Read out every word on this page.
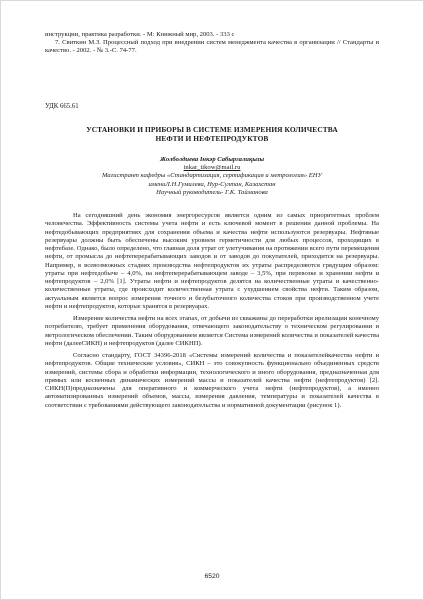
инструкции, практика разработки. - М: Книжный мир, 2003. - 333 с

7. Свиткин М.З. Процессный подход при внедрении систем менеджмента качества в организации // Стандарты и качество. - 2002. - № 3.-С. 74-77.

УДК 665.61
УСТАНОВКИ И ПРИБОРЫ В СИСТЕМЕ ИЗМЕРЕНИЯ КОЛИЧЕСТВА
НЕФТИ И НЕФТЕПРОДУКТОВ
Жолболдиева Інкәр Сабыргалиқызы
inkar_tikow@mail.ru
Магистрант кафедры «Стандартизация, сертификация и метрология» ЕНУ
имениЛ.Н.Гумилева, Нур-Султан, Казахстан
Научный руководитель- Г.К. Тайманова

На сегодняшний день экономия энергоресурсов является одним из самых приоритетных проблем человечества. Эффективность системы учета нефти и есть ключевой момент в решении данной проблемы. На нефтедобывающих предприятиях для сохранения объема и качества нефти используются резервуары. Нефтяные резервуары должны быть обеспечены высоким уровнем герметичности для любых процессов, проходящих в нефтебазе. Однако, было определено, что главная доля утрат от улетучивания на протяжении всего пути перемещения нефти, от промысла до нефтеперерабатывающих заводов и от заводов до покупателей, приходится на резервуары. Например, в всевозможных стадиях производства нефтепродуктов их утраты распределяются грядущим образом: утраты при нефтедобыче – 4,0%, на нефтеперерабатывающем заводе – 3,5%, при перевозке и хранении нефти и нефтепродуктов – 2,0% [1]. Утраты нефти и нефтепродуктов делятся на количественные утраты и качественно-количественные утраты, где происходит количественная утрата с ухудшением свойства нефти. Таким образом, актуальным является вопрос измерения точного и безубыточного количества стоков при производственном учете нефти и нефтепродуктов, которые хранятся в резервуарах.

Измерение количества нефти на всех этапах, от добычи из скважины до переработки ирелизации конечному потребителю, требует применения оборудования, отвечающего законодательству о техническом регулировании и метрологическом обеспечении. Таким оборудованием является Система измерений количества и показателей качества нефти (далееСИКН) и нефтепродуктов (далее СИКНП).

Согласно стандарту, ГОСТ 34396-2018 «Системы измерений количества и показателейкачества нефти и нефтепродуктов. Общие технические условия», СИКН – это совокупность функционально объединенных средств измерений, системы сбора и обработки информации, технологического и иного оборудования, предназначенная для прямых или косвенных динамических измерений массы и показателей качества нефти (нефтепродуктов) [2]. СИКН(П)предназначены для оперативного и коммерческого учета нефти (нефтепродуктов), а именно автоматизированных измерений объемов, массы, измерения давления, температуры и показателей качества в соответствии с требованиями действующего законодательства и нормативной документации (рисунок 1).

6520
